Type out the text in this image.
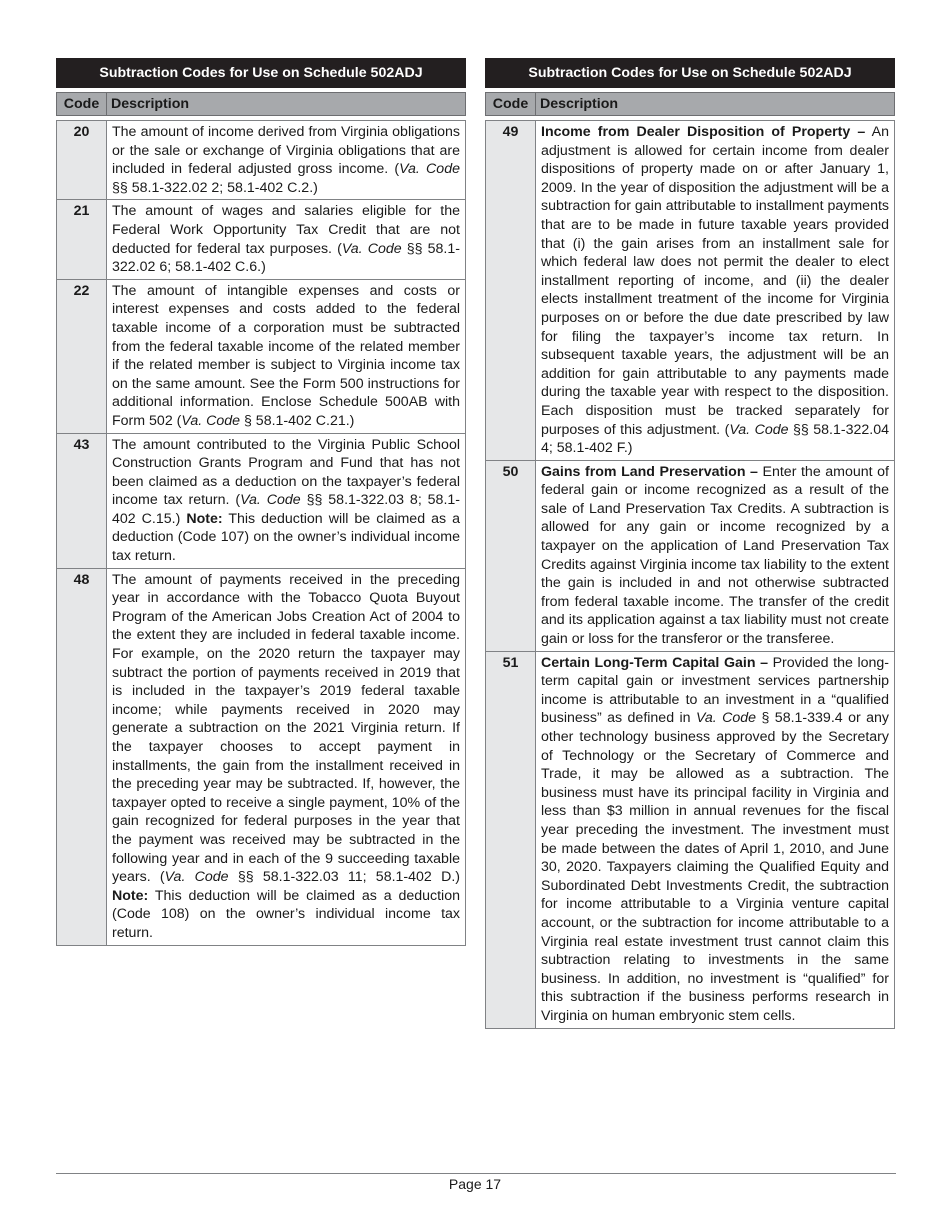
Subtraction Codes for Use on Schedule 502ADJ	

Code	Description

20	The amount of income derived from Virginia obligations or the sale or exchange of Virginia obligations that are included in federal adjusted gross income. (Va. Code §§ 58.1-322.02 2; 58.1-402 C.2.)
21	The amount of wages and salaries eligible for the Federal Work Opportunity Tax Credit that are not deducted for federal tax purposes. (Va. Code §§ 58.1-322.02 6; 58.1-402 C.6.)
22	The amount of intangible expenses and costs or interest expenses and costs added to the federal taxable income of a corporation must be subtracted from the federal taxable income of the related member if the related member is subject to Virginia income tax on the same amount. See the Form 500 instructions for additional information. Enclose Schedule 500AB with Form 502 (Va. Code § 58.1-402 C.21.)
43	The amount contributed to the Virginia Public School Construction Grants Program and Fund that has not been claimed as a deduction on the taxpayer’s federal income tax return. (Va. Code §§ 58.1-322.03 8; 58.1-402 C.15.) Note: This deduction will be claimed as a deduction (Code 107) on the owner’s individual income tax return.
48	The amount of payments received in the preceding year in accordance with the Tobacco Quota Buyout Program of the American Jobs Creation Act of 2004 to the extent they are included in federal taxable income. For example, on the 2020 return the taxpayer may subtract the portion of payments received in 2019 that is included in the taxpayer’s 2019 federal taxable income; while payments received in 2020 may generate a subtraction on the 2021 Virginia return. If the taxpayer chooses to accept payment in installments, the gain from the installment received in the preceding year may be subtracted. If, however, the taxpayer opted to receive a single payment, 10% of the gain recognized for federal purposes in the year that the payment was received may be subtracted in the following year and in each of the 9 succeeding taxable years. (Va. Code §§ 58.1-322.03 11; 58.1-402 D.) Note: This deduction will be claimed as a deduction (Code 108) on the owner’s individual income tax return.
Subtraction Codes for Use on Schedule 502ADJ	

Code	Description

49	Income from Dealer Disposition of Property – An adjustment is allowed for certain income from dealer dispositions of property made on or after January 1, 2009. In the year of disposition the adjustment will be a subtraction for gain attributable to installment payments that are to be made in future taxable years provided that (i) the gain arises from an installment sale for which federal law does not permit the dealer to elect installment reporting of income, and (ii) the dealer elects installment treatment of the income for Virginia purposes on or before the due date prescribed by law for filing the taxpayer’s income tax return. In subsequent taxable years, the adjustment will be an addition for gain attributable to any payments made during the taxable year with respect to the disposition. Each disposition must be tracked separately for purposes of this adjustment. (Va. Code §§ 58.1-322.04 4; 58.1-402 F.)
50	Gains from Land Preservation – Enter the amount of federal gain or income recognized as a result of the sale of Land Preservation Tax Credits. A subtraction is allowed for any gain or income recognized by a taxpayer on the application of Land Preservation Tax Credits against Virginia income tax liability to the extent the gain is included in and not otherwise subtracted from federal taxable income. The transfer of the credit and its application against a tax liability must not create gain or loss for the transferor or the transferee.
51	Certain Long-Term Capital Gain – Provided the long-term capital gain or investment services partnership income is attributable to an investment in a “qualified business” as defined in Va. Code § 58.1-339.4 or any other technology business approved by the Secretary of Technology or the Secretary of Commerce and Trade, it may be allowed as a subtraction. The business must have its principal facility in Virginia and less than $3 million in annual revenues for the fiscal year preceding the investment. The investment must be made between the dates of April 1, 2010, and June 30, 2020. Taxpayers claiming the Qualified Equity and Subordinated Debt Investments Credit, the subtraction for income attributable to a Virginia venture capital account, or the subtraction for income attributable to a Virginia real estate investment trust cannot claim this subtraction relating to investments in the same business. In addition, no investment is “qualified” for this subtraction if the business performs research in Virginia on human embryonic stem cells.
Page 17
